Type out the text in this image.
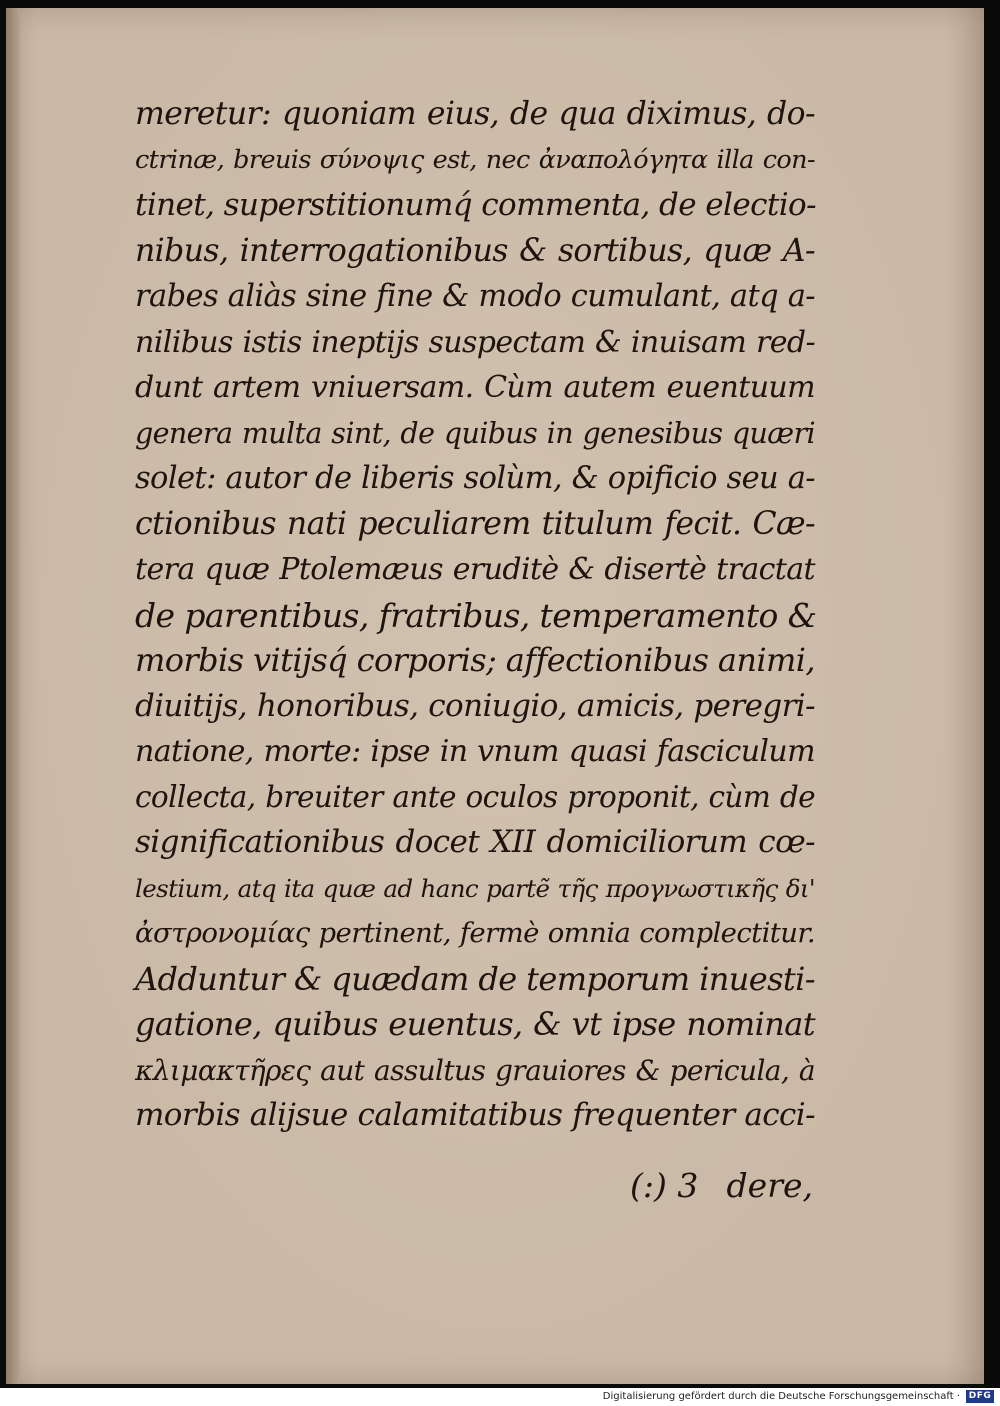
meretur: quoniam eius, de qua diximus, do-
ctrinæ, breuis σύνοψις est, nec ἀναπολόγητα illa con-
tinet, superstitionumq́ commenta, de electio-
nibus, interrogationibus & sortibus, quæ A-
rabes aliàs sine fine & modo cumulant, atq a-
nilibus istis ineptijs suspectam & inuisam red-
dunt artem vniuersam. Cùm autem euentuum
genera multa sint, de quibus in genesibus quæri
solet: autor de liberis solùm, & opificio seu a-
ctionibus nati peculiarem titulum fecit. Cæ-
tera quæ Ptolemæus eruditè & disertè tractat
de parentibus, fratribus, temperamento &
morbis vitijsq́ corporis; affectionibus animi,
diuitijs, honoribus, coniugio, amicis, peregri-
natione, morte: ipse in vnum quasi fasciculum
collecta, breuiter ante oculos proponit, cùm de
significationibus docet XII domiciliorum cœ-
lestium, atq ita quæ ad hanc partẽ τῆς προγνωστικῆς δι'
ἀστρονομίας pertinent, fermè omnia complectitur.
Adduntur & quædam de temporum inuesti-
gatione, quibus euentus, & vt ipse nominat
κλιμακτῆρες aut assultus grauiores & pericula, à
morbis alijsue calamitatibus frequenter acci-
(:) 3 dere,
Digitalisierung gefördert durch die Deutsche Forschungsgemeinschaft · DFG
